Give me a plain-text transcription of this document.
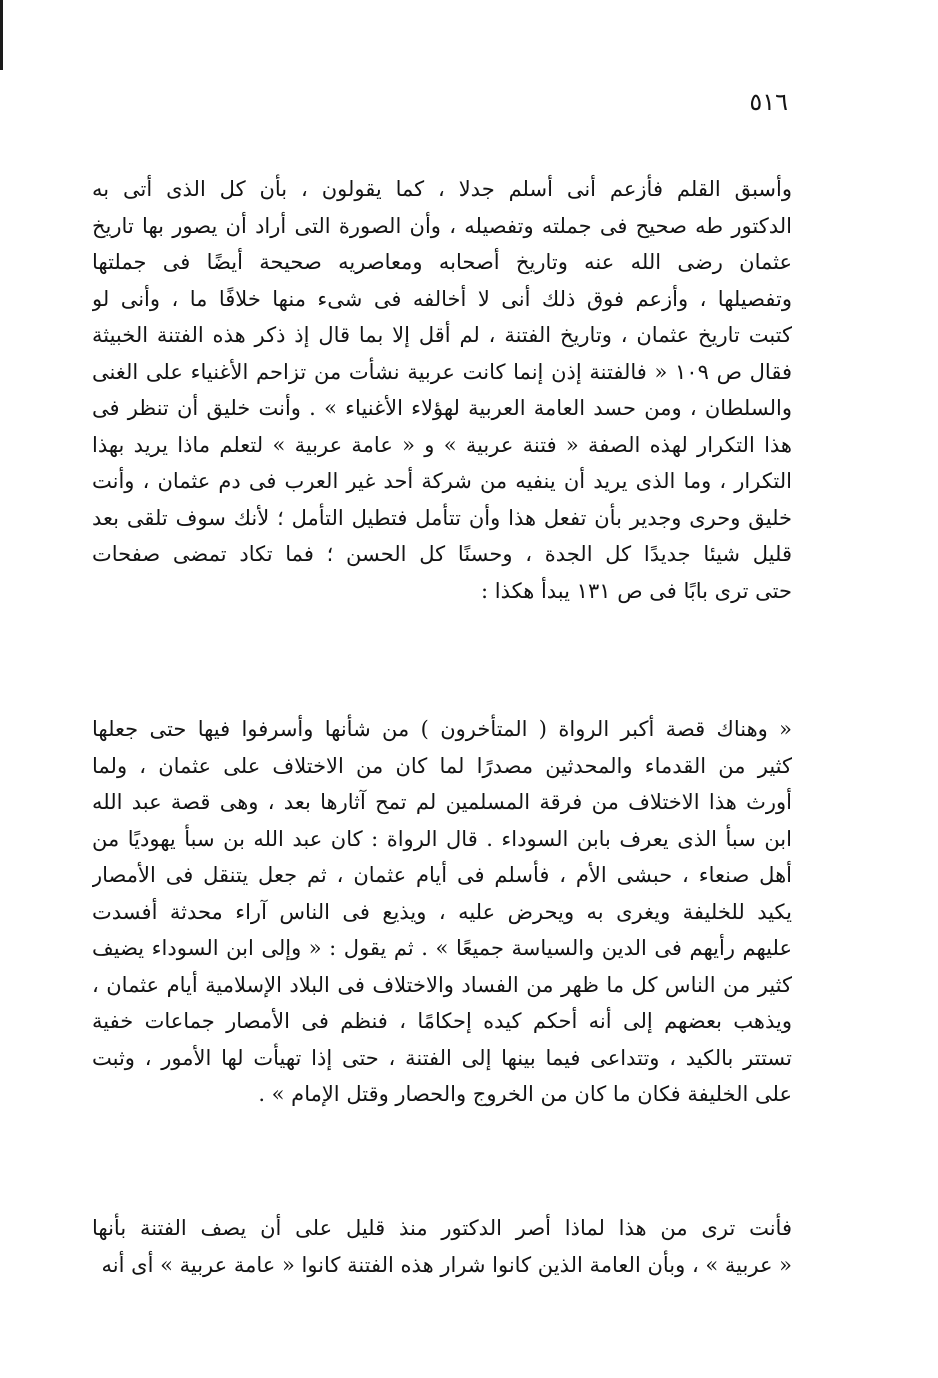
٥١٦
وأسبق القلم فأزعم أنى أسلم جدلا ، كما يقولون ، بأن كل الذى أتى به
الدكتور طه صحيح فى جملته وتفصيله ، وأن الصورة التى أراد أن يصور بها تاريخ
عثمان رضى الله عنه وتاريخ أصحابه ومعاصريه صحيحة أيضًا فى جملتها
وتفصيلها ، وأزعم فوق ذلك أنى لا أخالفه فى شىء منها خلافًا ما ، وأنى لو
كتبت تاريخ عثمان ، وتاريخ الفتنة ، لم أقل إلا بما قال إذ ذكر هذه الفتنة الخبيثة
فقال ص ١٠٩ « فالفتنة إذن إنما كانت عربية نشأت من تزاحم الأغنياء على الغنى
والسلطان ، ومن حسد العامة العربية لهؤلاء الأغنياء » . وأنت خليق أن تنظر فى
هذا التكرار لهذه الصفة « فتنة عربية » و « عامة عربية » لتعلم ماذا يريد بهذا
التكرار ، وما الذى يريد أن ينفيه من شركة أحد غير العرب فى دم عثمان ، وأنت
خليق وحرى وجدير بأن تفعل هذا وأن تتأمل فتطيل التأمل ؛ لأنك سوف تلقى بعد
قليل شيئا جديدًا كل الجدة ، وحسنًا كل الحسن ؛ فما تكاد تمضى صفحات
حتى ترى بابًا فى ص ١٣١ يبدأ هكذا :
« وهناك قصة أكبر الرواة ( المتأخرون ) من شأنها وأسرفوا فيها حتى جعلها
كثير من القدماء والمحدثين مصدرًا لما كان من الاختلاف على عثمان ، ولما
أورث هذا الاختلاف من فرقة المسلمين لم تمح آثارها بعد ، وهى قصة عبد الله
ابن سبأ الذى يعرف بابن السوداء . قال الرواة : كان عبد الله بن سبأ يهوديًا من
أهل صنعاء ، حبشى الأم ، فأسلم فى أيام عثمان ، ثم جعل يتنقل فى الأمصار
يكيد للخليفة ويغرى به ويحرض عليه ، ويذيع فى الناس آراء محدثة أفسدت
عليهم رأيهم فى الدين والسياسة جميعًا » . ثم يقول : « وإلى ابن السوداء يضيف
كثير من الناس كل ما ظهر من الفساد والاختلاف فى البلاد الإسلامية أيام عثمان ،
ويذهب بعضهم إلى أنه أحكم كيده إحكامًا ، فنظم فى الأمصار جماعات خفية
تستتر بالكيد ، وتتداعى فيما بينها إلى الفتنة ، حتى إذا تهيأت لها الأمور ، وثبت
على الخليفة فكان ما كان من الخروج والحصار وقتل الإمام » .
فأنت ترى من هذا لماذا أصر الدكتور منذ قليل على أن يصف الفتنة بأنها
« عربية » ، وبأن العامة الذين كانوا شرار هذه الفتنة كانوا « عامة عربية » أى أنه
